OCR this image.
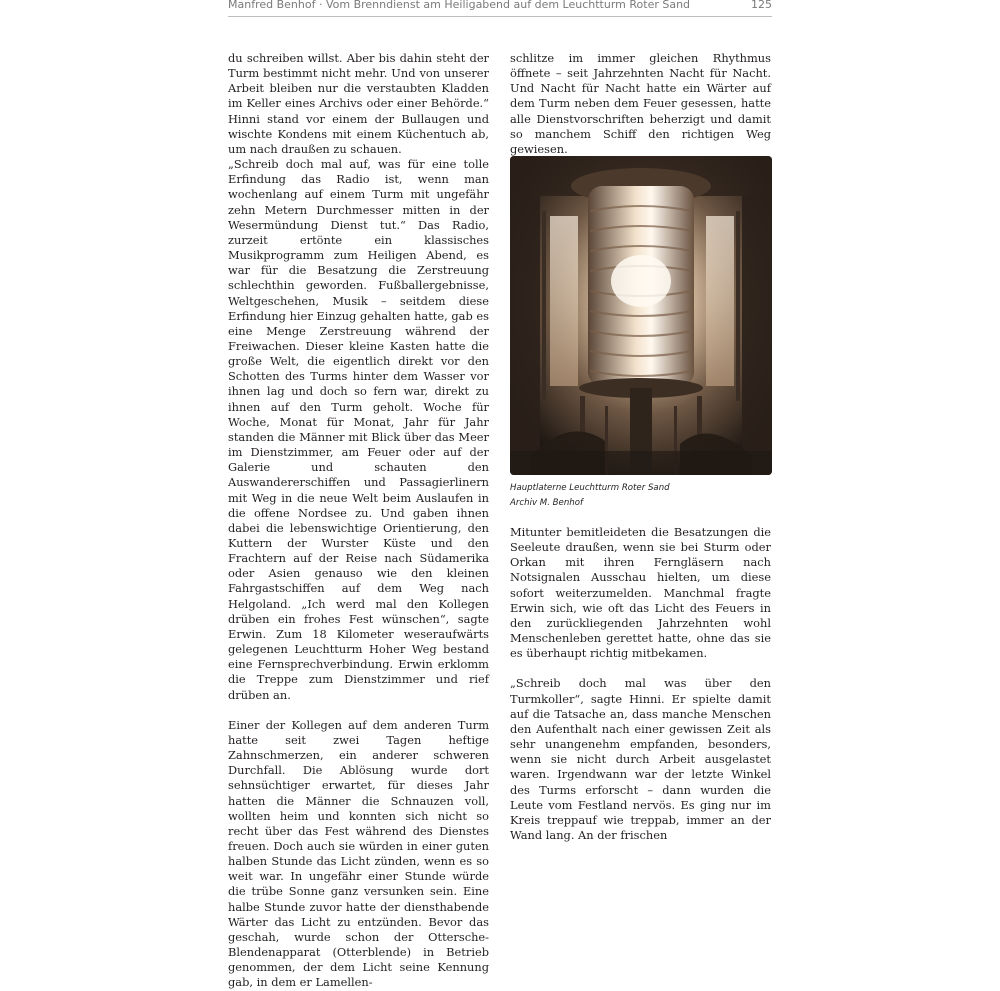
Manfred Benhof · Vom Brenndienst am Heiligabend auf dem Leuchtturm Roter Sand	125

du schreiben willst. Aber bis dahin steht der Turm bestimmt nicht mehr. Und von unserer Arbeit bleiben nur die verstaubten Kladden im Keller eines Archivs oder einer Behörde.“ Hinni stand vor einem der Bullaugen und wischte Kondens mit einem Küchentuch ab, um nach draußen zu schauen.

„Schreib doch mal auf, was für eine tolle Erfindung das Radio ist, wenn man wochenlang auf einem Turm mit ungefähr zehn Metern Durchmesser mitten in der Wesermündung Dienst tut.“ Das Radio, zurzeit ertönte ein klassisches Musikprogramm zum Heiligen Abend, es war für die Besatzung die Zerstreuung schlechthin geworden. Fußballergebnisse, Weltgeschehen, Musik – seitdem diese Erfindung hier Einzug gehalten hatte, gab es eine Menge Zerstreuung während der Freiwachen. Dieser kleine Kasten hatte die große Welt, die eigentlich direkt vor den Schotten des Turms hinter dem Wasser vor ihnen lag und doch so fern war, direkt zu ihnen auf den Turm geholt. Woche für Woche, Monat für Monat, Jahr für Jahr standen die Männer mit Blick über das Meer im Dienstzimmer, am Feuer oder auf der Galerie und schauten den Auswandererschiffen und Passagierlinern mit Weg in die neue Welt beim Auslaufen in die offene Nordsee zu. Und gaben ihnen dabei die lebenswichtige Orientierung, den Kuttern der Wurster Küste und den Frachtern auf der Reise nach Südamerika oder Asien genauso wie den kleinen Fahrgastschiffen auf dem Weg nach Helgoland. „Ich werd mal den Kollegen drüben ein frohes Fest wünschen“, sagte Erwin. Zum 18 Kilometer weseraufwärts gelegenen Leuchtturm Hoher Weg bestand eine Fernsprechverbindung. Erwin erklomm die Treppe zum Dienstzimmer und rief drüben an.

Einer der Kollegen auf dem anderen Turm hatte seit zwei Tagen heftige Zahnschmerzen, ein anderer schweren Durchfall. Die Ablösung wurde dort sehnsüchtiger erwartet, für dieses Jahr hatten die Männer die Schnauzen voll, wollten heim und konnten sich nicht so recht über das Fest während des Dienstes freuen. Doch auch sie würden in einer guten halben Stunde das Licht zünden, wenn es so weit war. In ungefähr einer Stunde würde die trübe Sonne ganz versunken sein. Eine halbe Stunde zuvor hatte der diensthabende Wärter das Licht zu entzünden. Bevor das geschah, wurde schon der Ottersche-Blendenapparat (Otterblende) in Betrieb genommen, der dem Licht seine Kennung gab, in dem er Lamellen-

schlitze im immer gleichen Rhythmus öffnete – seit Jahrzehnten Nacht für Nacht. Und Nacht für Nacht hatte ein Wärter auf dem Turm neben dem Feuer gesessen, hatte alle Dienstvorschriften beherzigt und damit so manchem Schiff den richtigen Weg gewiesen.

Hauptlaterne Leuchtturm Roter Sand
Archiv M. Benhof

Mitunter bemitleideten die Besatzungen die Seeleute draußen, wenn sie bei Sturm oder Orkan mit ihren Ferngläsern nach Notsignalen Ausschau hielten, um diese sofort weiterzumelden. Manchmal fragte Erwin sich, wie oft das Licht des Feuers in den zurückliegenden Jahrzehnten wohl Menschenleben gerettet hatte, ohne das sie es überhaupt richtig mitbekamen.

„Schreib doch mal was über den Turmkoller“, sagte Hinni. Er spielte damit auf die Tatsache an, dass manche Menschen den Aufenthalt nach einer gewissen Zeit als sehr unangenehm empfanden, besonders, wenn sie nicht durch Arbeit ausgelastet waren. Irgendwann war der letzte Winkel des Turms erforscht – dann wurden die Leute vom Festland nervös. Es ging nur im Kreis treppauf wie treppab, immer an der Wand lang. An der frischen
